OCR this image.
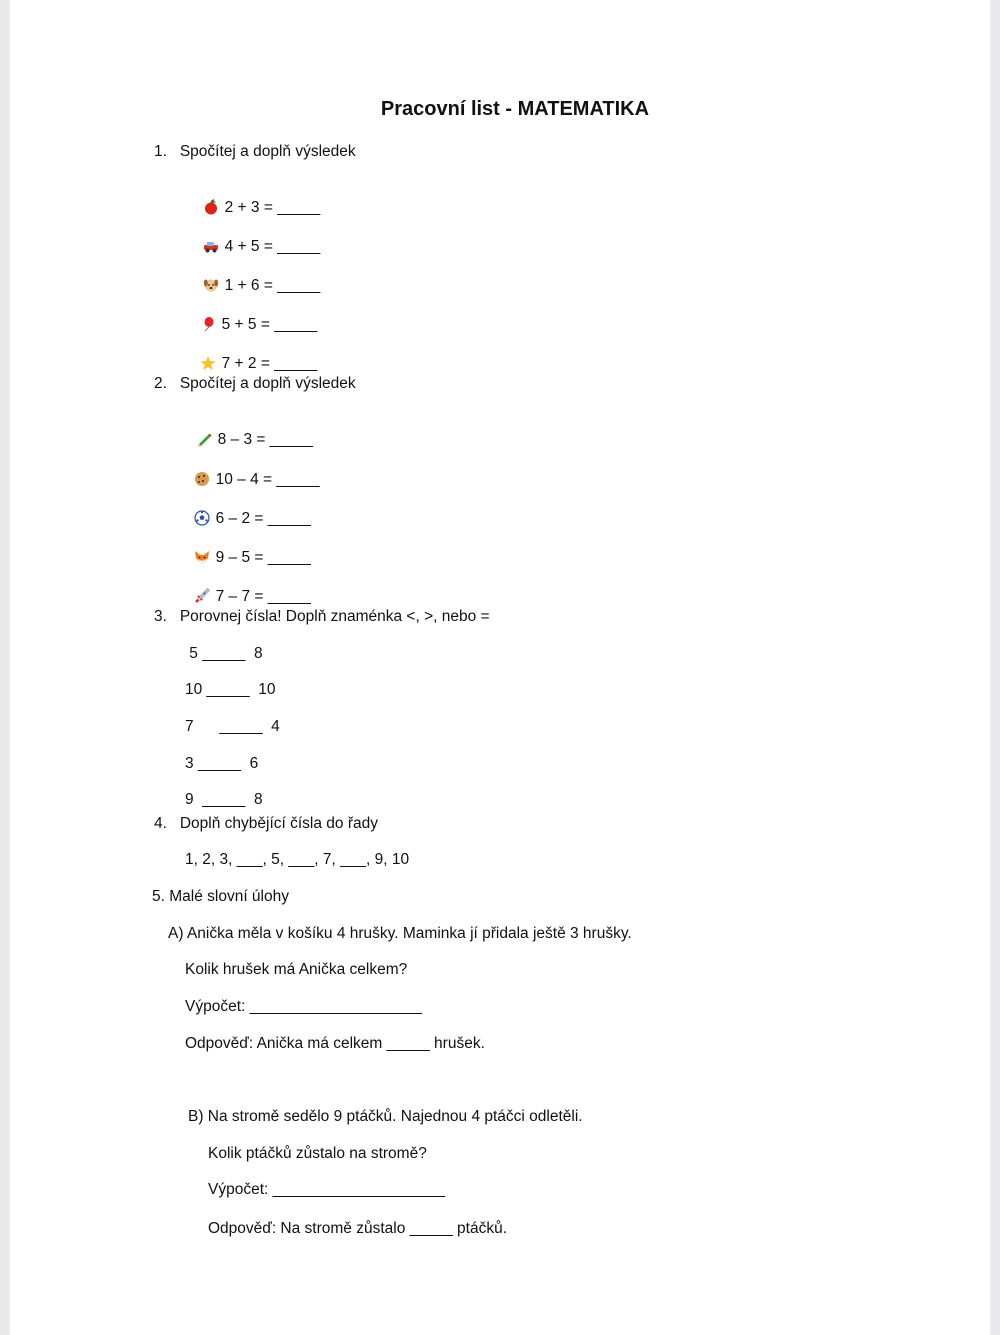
Pracovní list - MATEMATIKA
1.   Spočítej a doplň výsledek

2 + 3 = _____

4 + 5 = _____

1 + 6 = _____

5 + 5 = _____

7 + 2 = _____

2.   Spočítej a doplň výsledek

8 – 3 = _____

10 – 4 = _____

6 – 2 = _____

9 – 5 = _____

7 – 7 = _____

3.   Porovnej čísla! Doplň znaménka <, >, nebo =
5 _____  8
10 _____  10
7      _____  4
3 _____  6
9  _____  8
4.   Doplň chybějící čísla do řady
1, 2, 3, ___, 5, ___, 7, ___, 9, 10
5. Malé slovní úlohy
A) Anička měla v košíku 4 hrušky. Maminka jí přidala ještě 3 hrušky.
Kolik hrušek má Anička celkem?
Výpočet: ____________________
Odpověď: Anička má celkem _____ hrušek.
B) Na stromě sedělo 9 ptáčků. Najednou 4 ptáčci odletěli.
Kolik ptáčků zůstalo na stromě?
Výpočet: ____________________
Odpověď: Na stromě zůstalo _____ ptáčků.
